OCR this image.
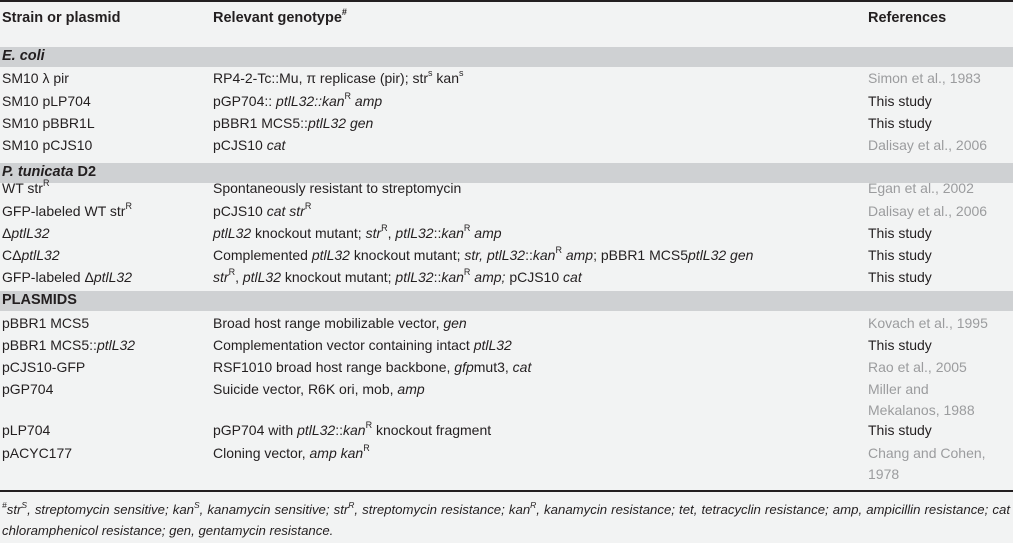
Strain or plasmid	Relevant genotype#	References
E. coli
SM10 λ pir	RP4-2-Tc::Mu, π replicase (pir); str$^s$ kan$^s$	Simon et al., 1983
SM10 pLP704	pGP704:: ptlL32::kan$^R$ amp	This study
SM10 pBBR1L	pBBR1 MCS5::ptlL32 gen	This study
SM10 pCJS10	pCJS10 cat	Dalisay et al., 2006
P. tunicata D2
WT str$^R$	Spontaneously resistant to streptomycin	Egan et al., 2002
GFP-labeled WT str$^R$	pCJS10 cat str$^R$	Dalisay et al., 2006
ΔptlL32	ptlL32 knockout mutant; str$^R$, ptlL32::kan$^R$ amp	This study
CΔptlL32	Complemented ptlL32 knockout mutant; str, ptlL32::kan$^R$ amp; pBBR1 MCS5ptlL32 gen	This study
GFP-labeled ΔptlL32	str$^R$, ptlL32 knockout mutant; ptlL32::kan$^R$ amp; pCJS10 cat	This study
PLASMIDS
pBBR1 MCS5	Broad host range mobilizable vector, gen	Kovach et al., 1995
pBBR1 MCS5::ptlL32	Complementation vector containing intact ptlL32	This study
pCJS10-GFP	RSF1010 broad host range backbone, gfpmut3, cat	Rao et al., 2005
pGP704	Suicide vector, R6K ori, mob, amp	Miller and
Mekalanos, 1988
pLP704	pGP704 with ptlL32::kan$^R$ knockout fragment	This study
pACYC177	Cloning vector, amp kan$^R$	Chang and Cohen,
1978
#str$^S$, streptomycin sensitive; kan$^S$, kanamycin sensitive; str$^R$, streptomycin resistance; kan$^R$, kanamycin resistance; tet, tetracyclin resistance; amp, ampicillin resistance; cat chloramphenicol resistance; gen, gentamycin resistance.
